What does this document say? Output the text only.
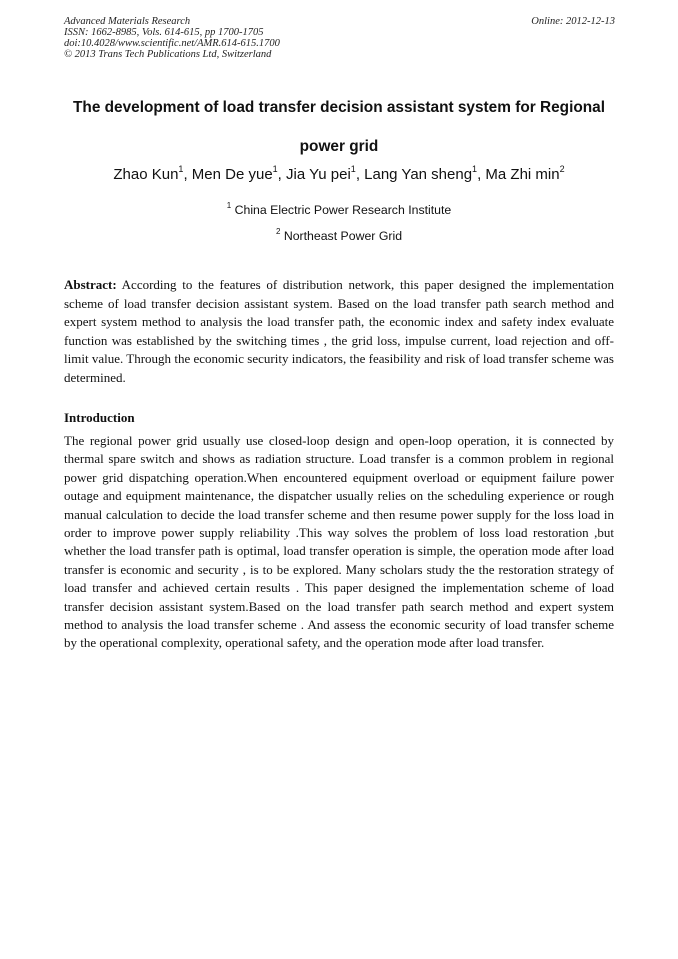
Advanced Materials Research
ISSN: 1662-8985, Vols. 614-615, pp 1700-1705
doi:10.4028/www.scientific.net/AMR.614-615.1700
© 2013 Trans Tech Publications Ltd, Switzerland
Online: 2012-12-13
The development of load transfer decision assistant system for Regional power grid
Zhao Kun$^1$, Men De yue$^1$, Jia Yu pei$^1$, Lang Yan sheng$^1$, Ma Zhi $\min^2$
$^1$ China Electric Power Research Institute
$^2$ Northeast Power Grid
Abstract: According to the features of distribution network, this paper designed the implementation scheme of load transfer decision assistant system. Based on the load transfer path search method and expert system method to analysis the load transfer path, the economic index and safety index evaluate function was established by the switching times , the grid loss, impulse current, load rejection and off-limit value. Through the economic security indicators, the feasibility and risk of load transfer scheme was determined.
Introduction
The regional power grid usually use closed-loop design and open-loop operation, it is connected by thermal spare switch and shows as radiation structure. Load transfer is a common problem in regional power grid dispatching operation.When encountered equipment overload or equipment failure power outage and equipment maintenance, the dispatcher usually relies on the scheduling experience or rough manual calculation to decide the load transfer scheme and then resume power supply for the loss load in order to improve power supply reliability .This way solves the problem of loss load restoration ,but whether the load transfer path is optimal, load transfer operation is simple, the operation mode after load transfer is economic and security , is to be explored. Many scholars study the the restoration strategy of load transfer and achieved certain results . This paper designed the implementation scheme of load transfer decision assistant system.Based on the load transfer path search method and expert system method to analysis the load transfer scheme . And assess the economic security of load transfer scheme by the operational complexity, operational safety, and the operation mode after load transfer.
